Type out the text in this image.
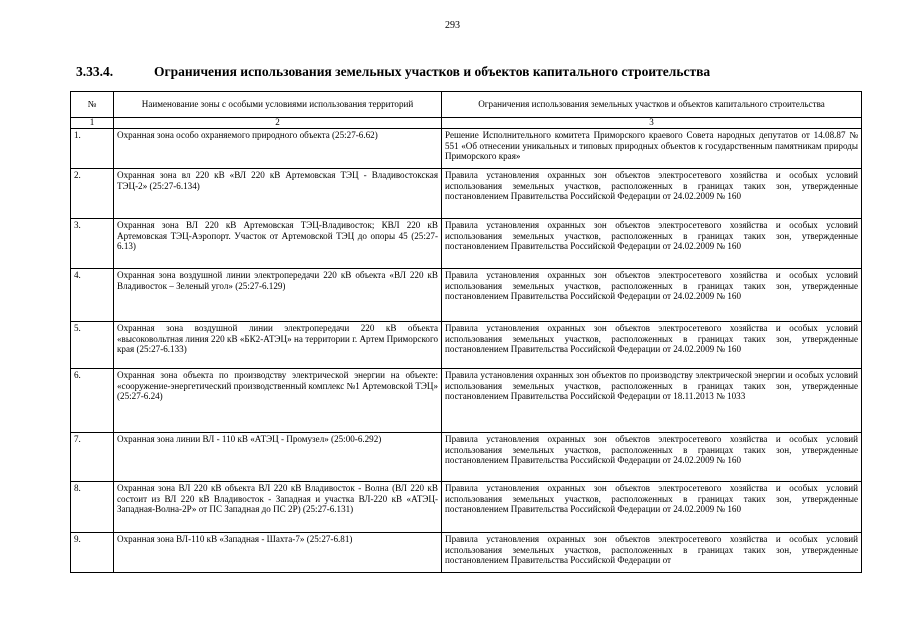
293
3.33.4.	Ограничения использования земельных участков и объектов капитального строительства
№	Наименование зоны с особыми условиями использования территорий	Ограничения использования земельных участков и объектов капитального строительства
1	2	3
1.	Охранная зона особо охраняемого природного объекта (25:27-6.62)	Решение Исполнительного комитета Приморского краевого Совета народных депутатов от 14.08.87 № 551 «Об отнесении уникальных и типовых природных объектов к государственным памятникам природы Приморского края»
2.	Охранная зона вл 220 кВ «ВЛ 220 кВ Артемовская ТЭЦ - Владивостокская ТЭЦ-2» (25:27-6.134)	Правила установления охранных зон объектов электросетевого хозяйства и особых условий использования земельных участков, расположенных в границах таких зон, утвержденные постановлением Правительства Российской Федерации от 24.02.2009 № 160
3.	Охранная зона ВЛ 220 кВ Артемовская ТЭЦ-Владивосток; КВЛ 220 кВ Артемовская ТЭЦ-Аэропорт. Участок от Артемовской ТЭЦ до опоры 45 (25:27-6.13)	Правила установления охранных зон объектов электросетевого хозяйства и особых условий использования земельных участков, расположенных в границах таких зон, утвержденные постановлением Правительства Российской Федерации от 24.02.2009 № 160
4.	Охранная зона воздушной линии электропередачи 220 кВ объекта «ВЛ 220 кВ Владивосток – Зеленый угол» (25:27-6.129)	Правила установления охранных зон объектов электросетевого хозяйства и особых условий использования земельных участков, расположенных в границах таких зон, утвержденные постановлением Правительства Российской Федерации от 24.02.2009 № 160
5.	Охранная зона воздушной линии электропередачи 220 кВ объекта «высоковольтная линия 220 кВ «БК2-АТЭЦ» на территории г. Артем Приморского края (25:27-6.133)	Правила установления охранных зон объектов электросетевого хозяйства и особых условий использования земельных участков, расположенных в границах таких зон, утвержденные постановлением Правительства Российской Федерации от 24.02.2009 № 160
6.	Охранная зона объекта по производству электрической энергии на объекте: «сооружение-энергетический производственный комплекс №1 Артемовской ТЭЦ» (25:27-6.24)	Правила установления охранных зон объектов по производству электрической энергии и особых условий использования земельных участков, расположенных в границах таких зон, утвержденные постановлением Правительства Российской Федерации от 18.11.2013 № 1033
7.	Охранная зона линии ВЛ - 110 кВ «АТЭЦ - Промузел» (25:00-6.292)	Правила установления охранных зон объектов электросетевого хозяйства и особых условий использования земельных участков, расположенных в границах таких зон, утвержденные постановлением Правительства Российской Федерации от 24.02.2009 № 160
8.	Охранная зона ВЛ 220 кВ объекта ВЛ 220 кВ Владивосток - Волна (ВЛ 220 кВ состоит из ВЛ 220 кВ Владивосток - Западная и участка ВЛ-220 кВ «АТЭЦ-Западная-Волна-2Р» от ПС Западная до ПС 2Р) (25:27-6.131)	Правила установления охранных зон объектов электросетевого хозяйства и особых условий использования земельных участков, расположенных в границах таких зон, утвержденные постановлением Правительства Российской Федерации от 24.02.2009 № 160
9.	Охранная зона ВЛ-110 кВ «Западная - Шахта-7» (25:27-6.81)	Правила установления охранных зон объектов электросетевого хозяйства и особых условий использования земельных участков, расположенных в границах таких зон, утвержденные постановлением Правительства Российской Федерации от
